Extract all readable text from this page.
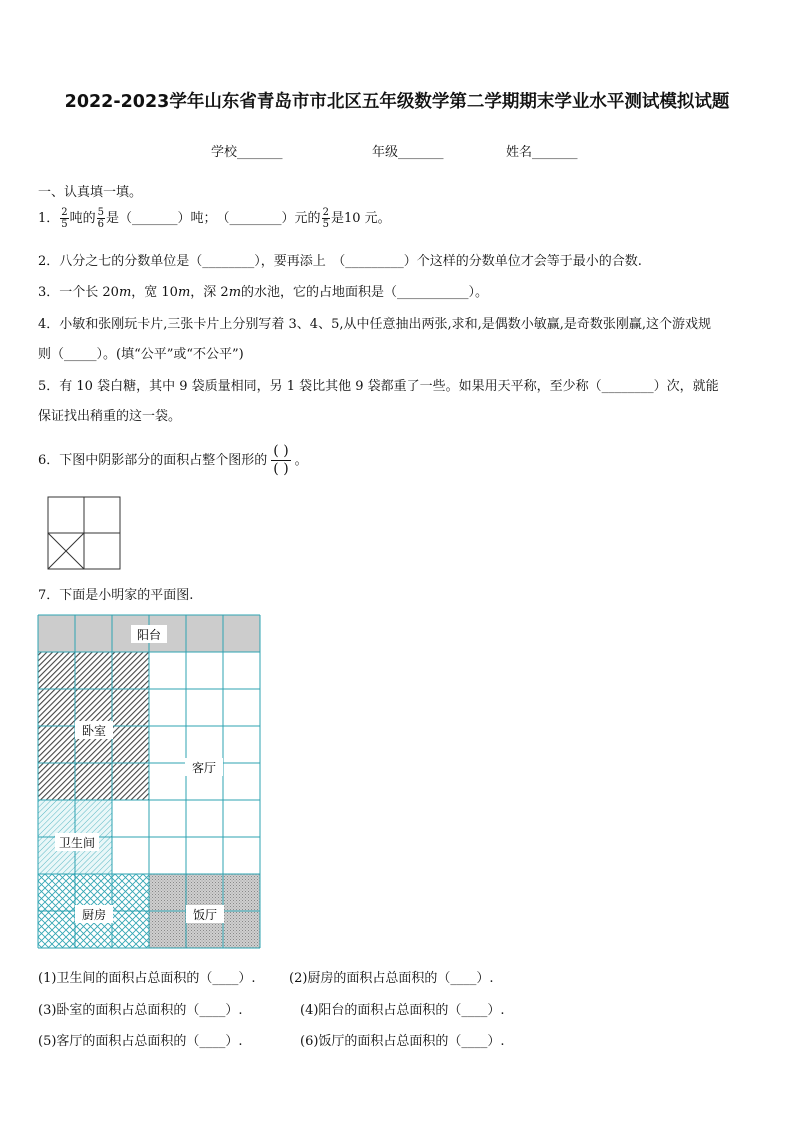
2022-2023学年山东省青岛市市北区五年级数学第二学期期末学业水平测试模拟试题
学校_______	年级_______	姓名_______
一、认真填一填。
1． $\frac{2}{5}$ 吨的 $\frac{5}{6}$ 是（_______）吨；　（________）元的 $\frac{2}{5}$ 是10 元。
2．八分之七的分数单位是（________），要再添上　（_________）个这样的分数单位才会等于最小的合数.
3．一个长 20m，宽 10m，深 2m的水池，它的占地面积是（___________）。
4．小敏和张刚玩卡片,三张卡片上分别写着 3、4、5,从中任意抽出两张,求和,是偶数小敏赢,是奇数张刚赢,这个游戏规
则（_____）。(填“公平”或“不公平”)
5．有 10 袋白糖，其中 9 袋质量相同，另 1 袋比其他 9 袋都重了一些。如果用天平称，至少称（________）次，就能
保证找出稍重的这一袋。
6．下图中阴影部分的面积占整个图形的 $\frac{( )}{( )}$ 。
7．下面是小明家的平面图.
阳台
卧室
客厅
卫生间
厨房	饭厅
(1)卫生间的面积占总面积的（____）.	(2)厨房的面积占总面积的（____）.
(3)卧室的面积占总面积的（____）.	(4)阳台的面积占总面积的（____）.
(5)客厅的面积占总面积的（____）.	(6)饭厅的面积占总面积的（____）.
